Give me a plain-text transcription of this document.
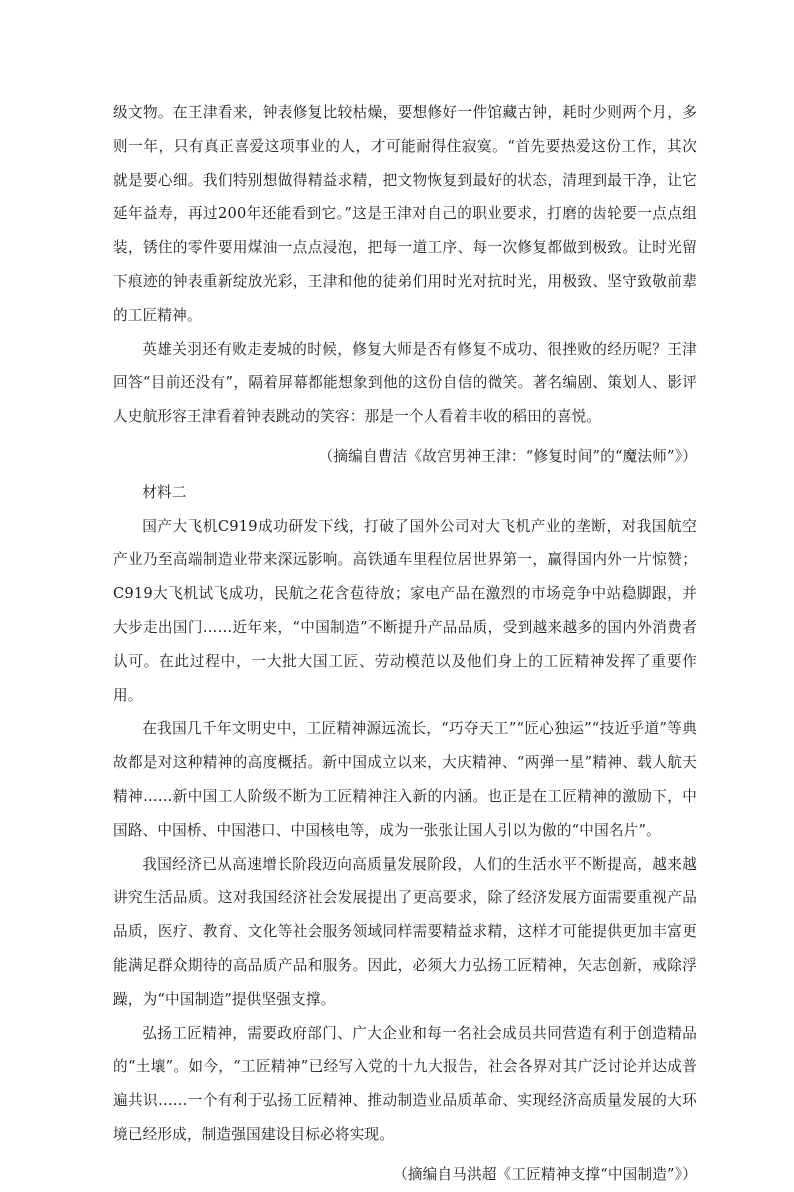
级文物。在王津看来，钟表修复比较枯燥，要想修好一件馆藏古钟，耗时少则两个月，多则一年，只有真正喜爱这项事业的人，才可能耐得住寂寞。“首先要热爱这份工作，其次就是要心细。我们特别想做得精益求精，把文物恢复到最好的状态，清理到最干净，让它延年益寿，再过200年还能看到它。”这是王津对自己的职业要求，打磨的齿轮要一点点组装，锈住的零件要用煤油一点点浸泡，把每一道工序、每一次修复都做到极致。让时光留下痕迹的钟表重新绽放光彩，王津和他的徒弟们用时光对抗时光，用极致、坚守致敬前辈的工匠精神。

英雄关羽还有败走麦城的时候，修复大师是否有修复不成功、很挫败的经历呢？王津回答“目前还没有”，隔着屏幕都能想象到他的这份自信的微笑。著名编剧、策划人、影评人史航形容王津看着钟表跳动的笑容：那是一个人看着丰收的稻田的喜悦。

（摘编自曹洁《故宫男神王津：“修复时间”的“魔法师”》）

材料二

国产大飞机C919成功研发下线，打破了国外公司对大飞机产业的垄断，对我国航空产业乃至高端制造业带来深远影响。高铁通车里程位居世界第一，赢得国内外一片惊赞；C919大飞机试飞成功，民航之花含苞待放；家电产品在激烈的市场竞争中站稳脚跟，并大步走出国门……近年来，“中国制造”不断提升产品品质，受到越来越多的国内外消费者认可。在此过程中，一大批大国工匠、劳动模范以及他们身上的工匠精神发挥了重要作用。

在我国几千年文明史中，工匠精神源远流长，“巧夺天工”“匠心独运”“技近乎道”等典故都是对这种精神的高度概括。新中国成立以来，大庆精神、“两弹一星”精神、载人航天精神……新中国工人阶级不断为工匠精神注入新的内涵。也正是在工匠精神的激励下，中国路、中国桥、中国港口、中国核电等，成为一张张让国人引以为傲的“中国名片”。

我国经济已从高速增长阶段迈向高质量发展阶段，人们的生活水平不断提高，越来越讲究生活品质。这对我国经济社会发展提出了更高要求，除了经济发展方面需要重视产品品质，医疗、教育、文化等社会服务领域同样需要精益求精，这样才可能提供更加丰富更能满足群众期待的高品质产品和服务。因此，必须大力弘扬工匠精神，矢志创新，戒除浮躁，为“中国制造”提供坚强支撑。

弘扬工匠精神，需要政府部门、广大企业和每一名社会成员共同营造有利于创造精品的“土壤”。如今，“工匠精神”已经写入党的十九大报告，社会各界对其广泛讨论并达成普遍共识……一个有利于弘扬工匠精神、推动制造业品质革命、实现经济高质量发展的大环境已经形成，制造强国建设目标必将实现。

（摘编自马洪超《工匠精神支撑“中国制造”》）
